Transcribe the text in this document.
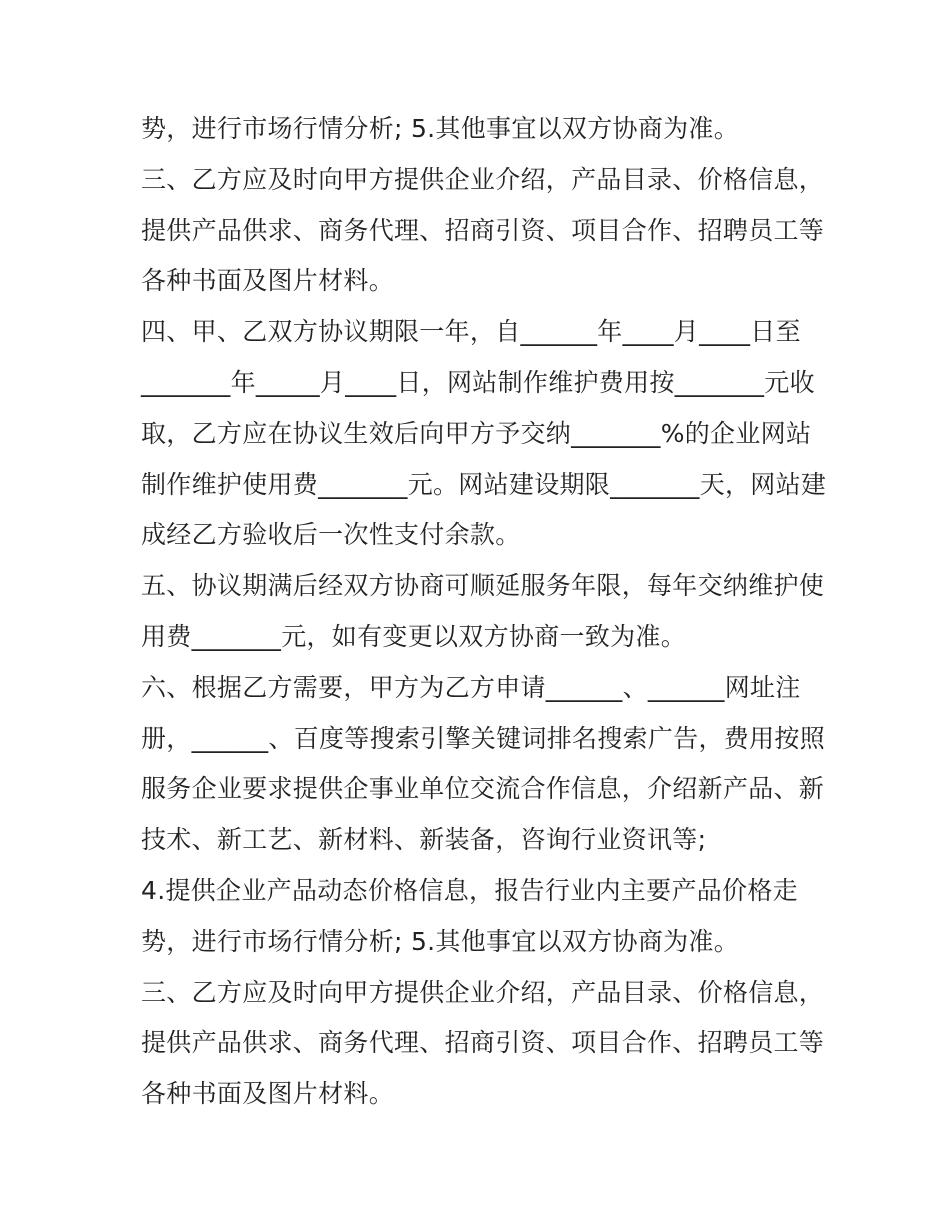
势，进行市场行情分析; 5.其他事宜以双方协商为准。
三、乙方应及时向甲方提供企业介绍，产品目录、价格信息，
提供产品供求、商务代理、招商引资、项目合作、招聘员工等
各种书面及图片材料。
四、甲、乙双方协议期限一年，自______年____月____日至
_______年_____月____日，网站制作维护费用按_______元收
取，乙方应在协议生效后向甲方予交纳_______%的企业网站
制作维护使用费_______元。网站建设期限_______天，网站建
成经乙方验收后一次性支付余款。
五、协议期满后经双方协商可顺延服务年限，每年交纳维护使
用费_______元，如有变更以双方协商一致为准。
六、根据乙方需要，甲方为乙方申请______、______网址注
册，______、百度等搜索引擎关键词排名搜索广告，费用按照
服务企业要求提供企事业单位交流合作信息，介绍新产品、新
技术、新工艺、新材料、新装备，咨询行业资讯等;
4.提供企业产品动态价格信息，报告行业内主要产品价格走
势，进行市场行情分析; 5.其他事宜以双方协商为准。
三、乙方应及时向甲方提供企业介绍，产品目录、价格信息，
提供产品供求、商务代理、招商引资、项目合作、招聘员工等
各种书面及图片材料。
